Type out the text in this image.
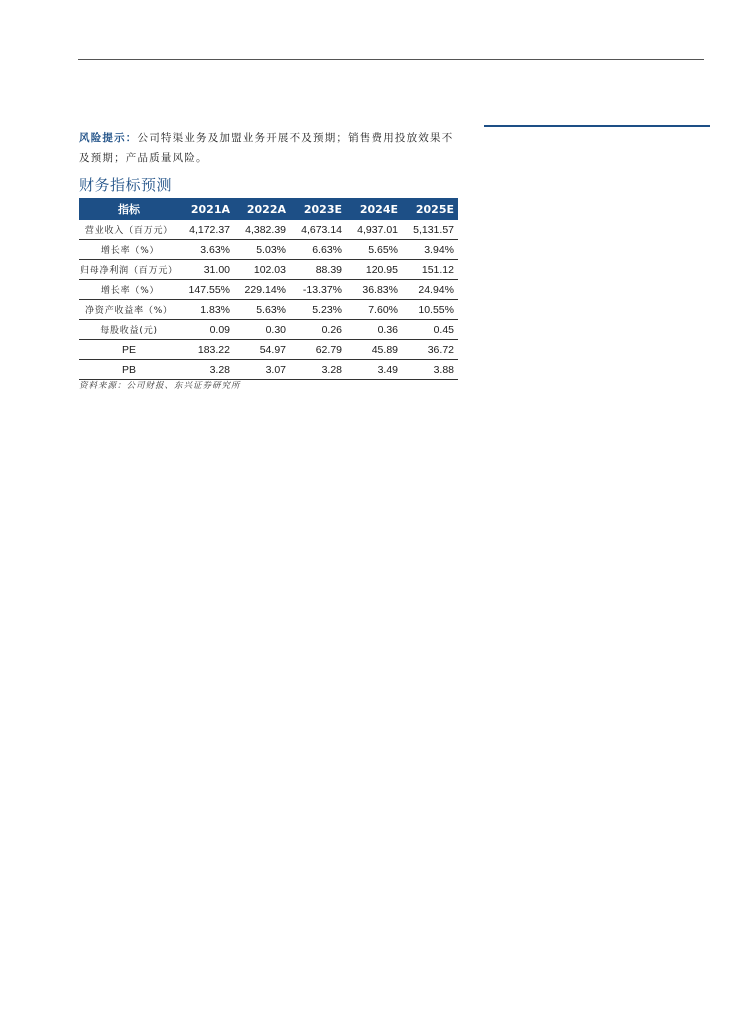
风险提示：公司特渠业务及加盟业务开展不及预期；销售费用投放效果不及预期；产品质量风险。
财务指标预测
指标	2021A	2022A	2023E	2024E	2025E
营业收入（百万元）	4,172.37	4,382.39	4,673.14	4,937.01	5,131.57
增长率（%）	3.63%	5.03%	6.63%	5.65%	3.94%
归母净利润（百万元）	31.00	102.03	88.39	120.95	151.12
增长率（%）	147.55%	229.14%	-13.37%	36.83%	24.94%
净资产收益率（%）	1.83%	5.63%	5.23%	7.60%	10.55%
每股收益(元)	0.09	0.30	0.26	0.36	0.45
PE	183.22	54.97	62.79	45.89	36.72
PB	3.28	3.07	3.28	3.49	3.88
资料来源：公司财报、东兴证券研究所
